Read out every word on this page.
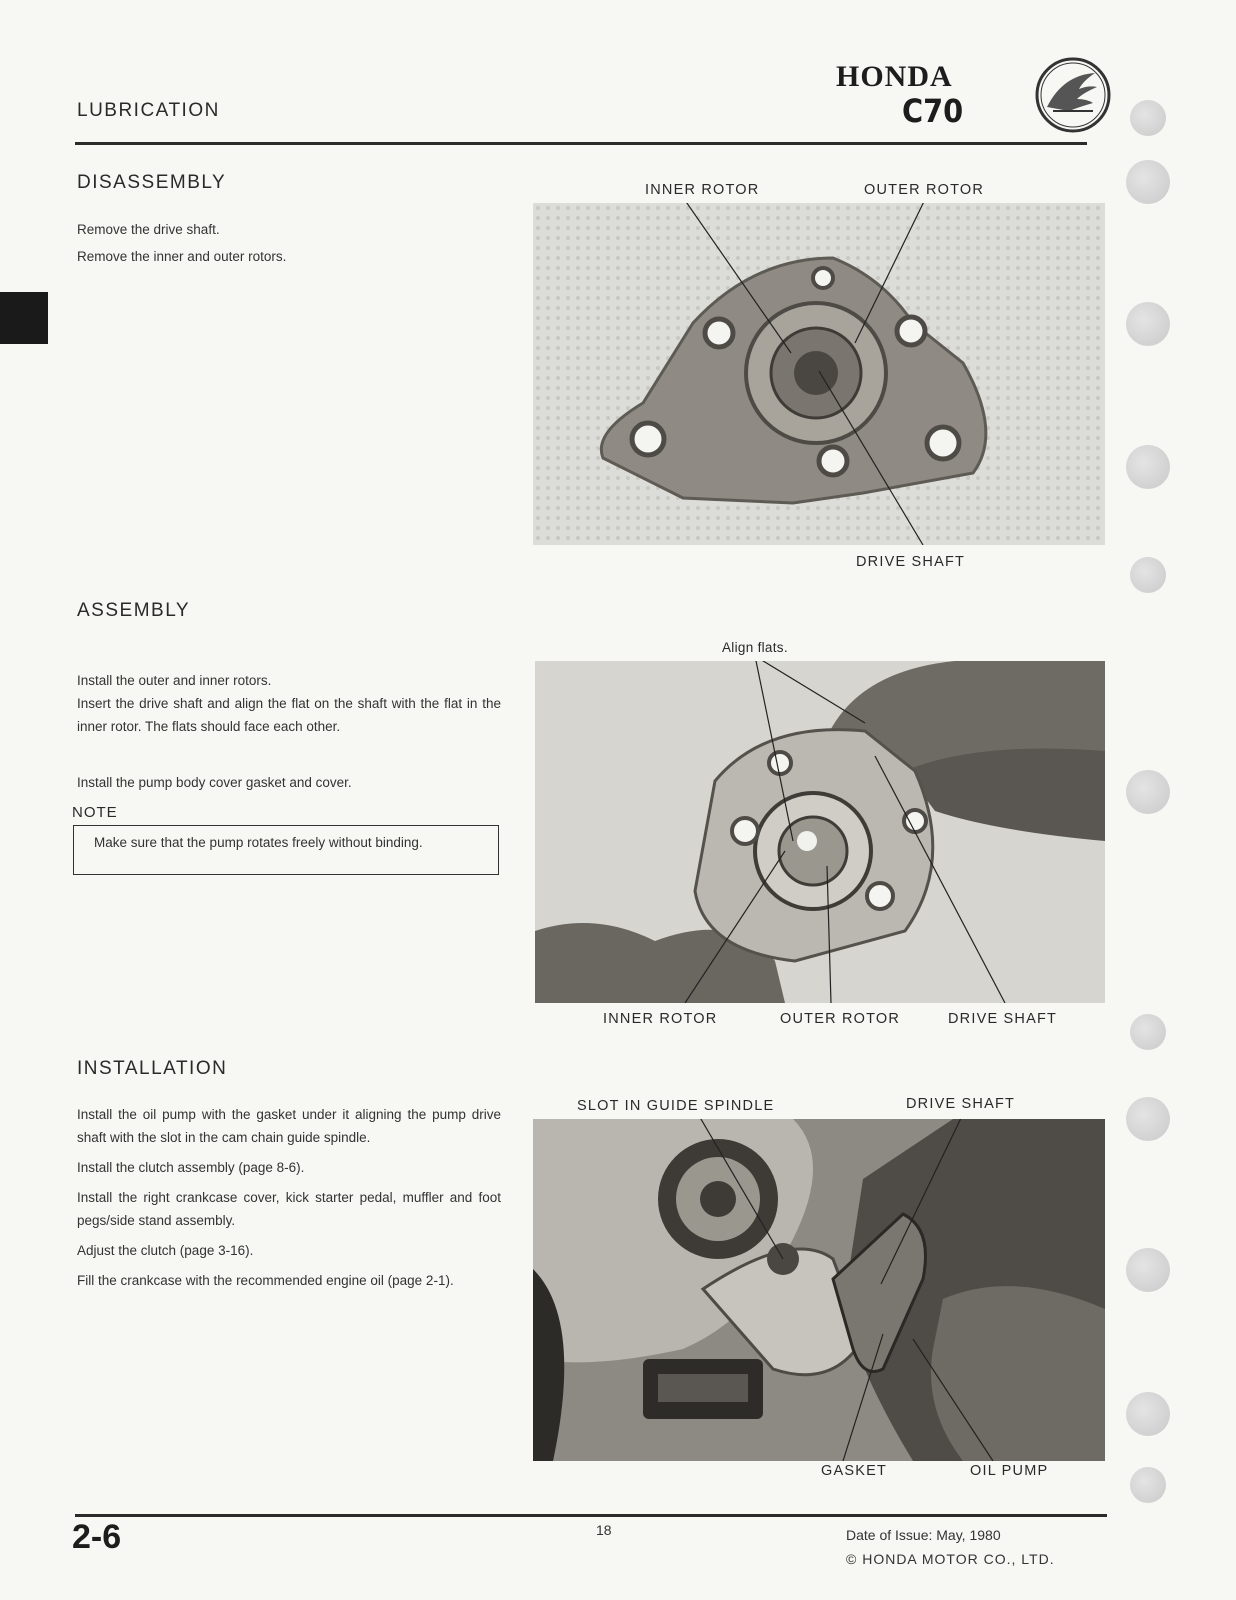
LUBRICATION
HONDA
C70
DISASSEMBLY

Remove the drive shaft.

Remove the inner and outer rotors.

INNER ROTOR	OUTER ROTOR
DRIVE SHAFT
ASSEMBLY

Install the outer and inner rotors.
Insert the drive shaft and align the flat on the shaft with the flat in the inner rotor. The flats should face each other.

Install the pump body cover gasket and cover.

NOTE
Make sure that the pump rotates freely without binding.
Align flats.
INNER ROTOR	OUTER ROTOR	DRIVE SHAFT
INSTALLATION

Install the oil pump with the gasket under it aligning the pump drive shaft with the slot in the cam chain guide spindle.

Install the clutch assembly (page 8-6).

Install the right crankcase cover, kick starter pedal, muffler and foot pegs/side stand assembly.

Adjust the clutch (page 3-16).

Fill the crankcase with the recommended engine oil (page 2-1).

SLOT IN GUIDE SPINDLE	DRIVE SHAFT
GASKET	OIL PUMP
2-6	18	Date of Issue: May, 1980
© HONDA MOTOR CO., LTD.
